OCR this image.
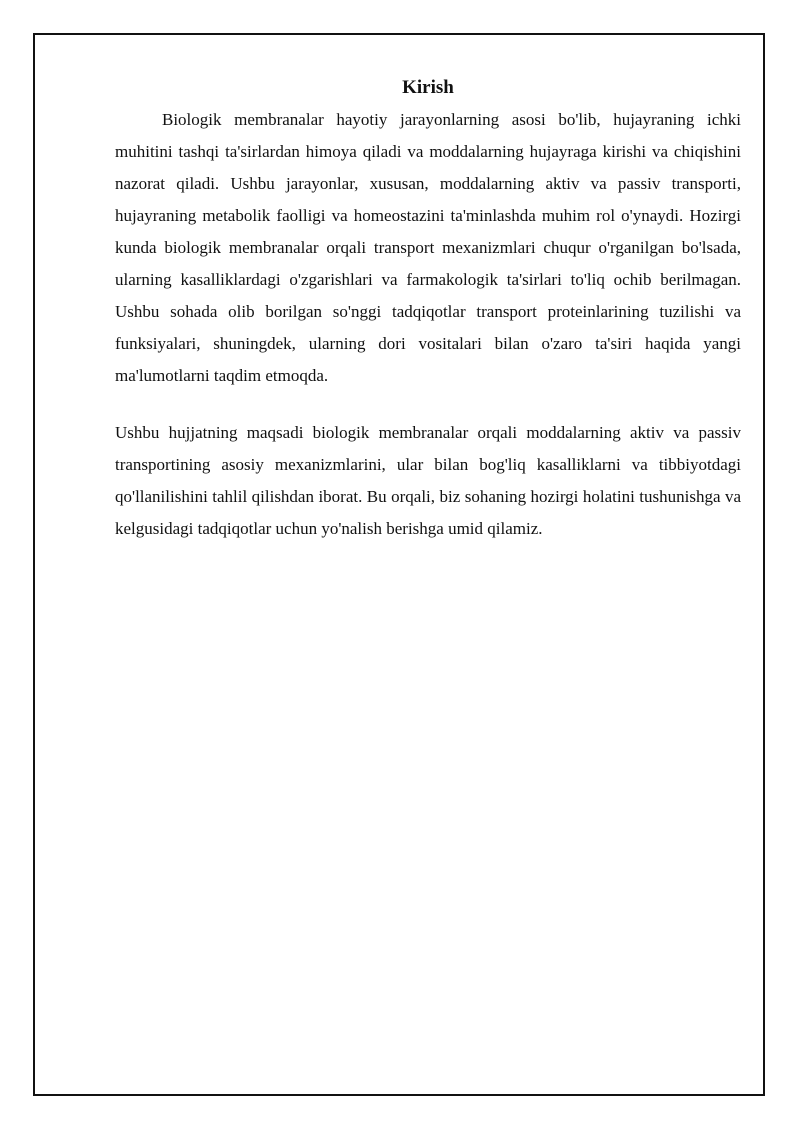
Kirish

Biologik membranalar hayotiy jarayonlarning asosi bo'lib, hujayraning ichki muhitini tashqi ta'sirlardan himoya qiladi va moddalarning hujayraga kirishi va chiqishini nazorat qiladi. Ushbu jarayonlar, xususan, moddalarning aktiv va passiv transporti, hujayraning metabolik faolligi va homeostazini ta'minlashda muhim rol o'ynaydi. Hozirgi kunda biologik membranalar orqali transport mexanizmlari chuqur o'rganilgan bo'lsada, ularning kasalliklardagi o'zgarishlari va farmakologik ta'sirlari to'liq ochib berilmagan. Ushbu sohada olib borilgan so'nggi tadqiqotlar transport proteinlarining tuzilishi va funksiyalari, shuningdek, ularning dori vositalari bilan o'zaro ta'siri haqida yangi ma'lumotlarni taqdim etmoqda.

Ushbu hujjatning maqsadi biologik membranalar orqali moddalarning aktiv va passiv transportining asosiy mexanizmlarini, ular bilan bog'liq kasalliklarni va tibbiyotdagi qo'llanilishini tahlil qilishdan iborat. Bu orqali, biz sohaning hozirgi holatini tushunishga va kelgusidagi tadqiqotlar uchun yo'nalish berishga umid qilamiz.
